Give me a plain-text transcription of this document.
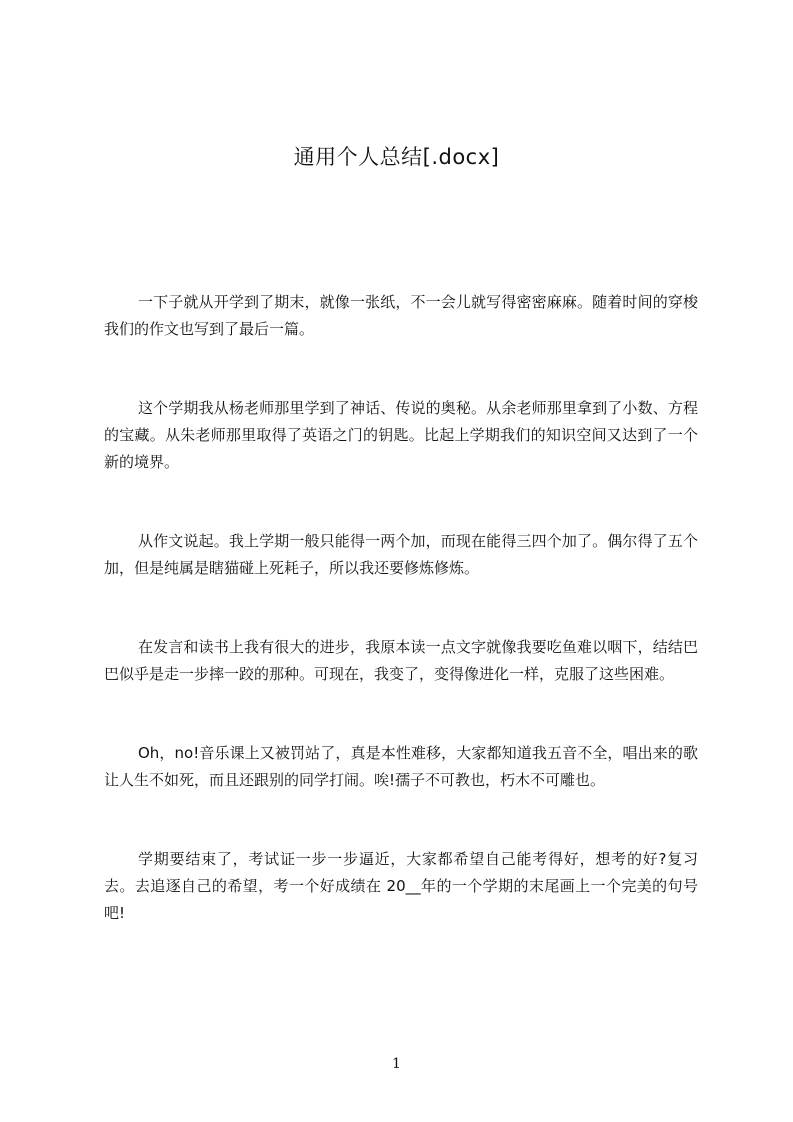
通用个人总结[.docx]

一下子就从开学到了期末，就像一张纸，不一会儿就写得密密麻麻。随着时间的穿梭我们的作文也写到了最后一篇。

这个学期我从杨老师那里学到了神话、传说的奥秘。从余老师那里拿到了小数、方程的宝藏。从朱老师那里取得了英语之门的钥匙。比起上学期我们的知识空间又达到了一个新的境界。

从作文说起。我上学期一般只能得一两个加，而现在能得三四个加了。偶尔得了五个加，但是纯属是瞎猫碰上死耗子，所以我还要修炼修炼。

在发言和读书上我有很大的进步，我原本读一点文字就像我要吃鱼难以咽下，结结巴巴似乎是走一步摔一跤的那种。可现在，我变了，变得像进化一样，克服了这些困难。

Oh，no!音乐课上又被罚站了，真是本性难移，大家都知道我五音不全，唱出来的歌让人生不如死，而且还跟别的同学打闹。唉!孺子不可教也，朽木不可雕也。

学期要结束了，考试证一步一步逼近，大家都希望自己能考得好，想考的好?复习去。去追逐自己的希望，考一个好成绩在 20__年的一个学期的末尾画上一个完美的句号吧!

1
